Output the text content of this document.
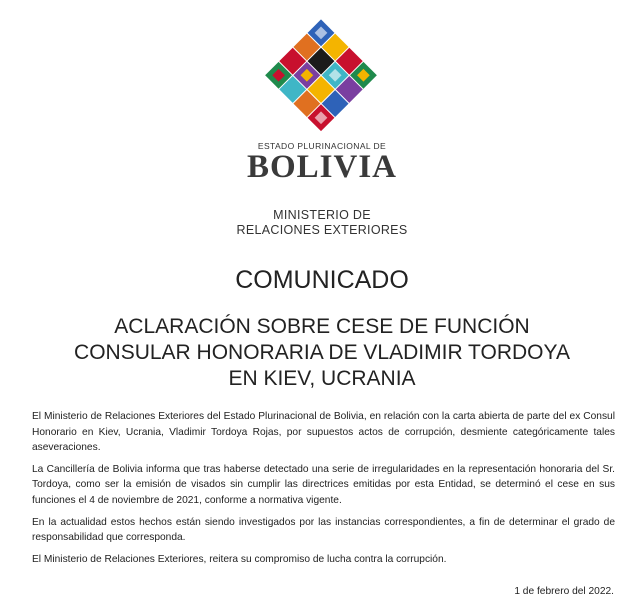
ESTADO PLURINACIONAL DE
BOLIVIA
MINISTERIO DE
RELACIONES EXTERIORES
COMUNICADO
ACLARACIÓN SOBRE CESE DE FUNCIÓN
CONSULAR HONORARIA DE VLADIMIR TORDOYA
EN KIEV, UCRANIA

El Ministerio de Relaciones Exteriores del Estado Plurinacional de Bolivia, en relación con la carta abierta de parte del ex Consul Honorario en Kiev, Ucrania, Vladimir Tordoya Rojas, por supuestos actos de corrupción, desmiente categóricamente tales aseveraciones.

La Cancillería de Bolivia informa que tras haberse detectado una serie de irregularidades en la representación honoraria del Sr. Tordoya, como ser la emisión de visados sin cumplir las directrices emitidas por esta Entidad, se determinó el cese en sus funciones el 4 de noviembre de 2021, conforme a normativa vigente.

En la actualidad estos hechos están siendo investigados por las instancias correspondientes, a fin de determinar el grado de responsabilidad que corresponda.

El Ministerio de Relaciones Exteriores, reitera su compromiso de lucha contra la corrupción.

1 de febrero del 2022.
